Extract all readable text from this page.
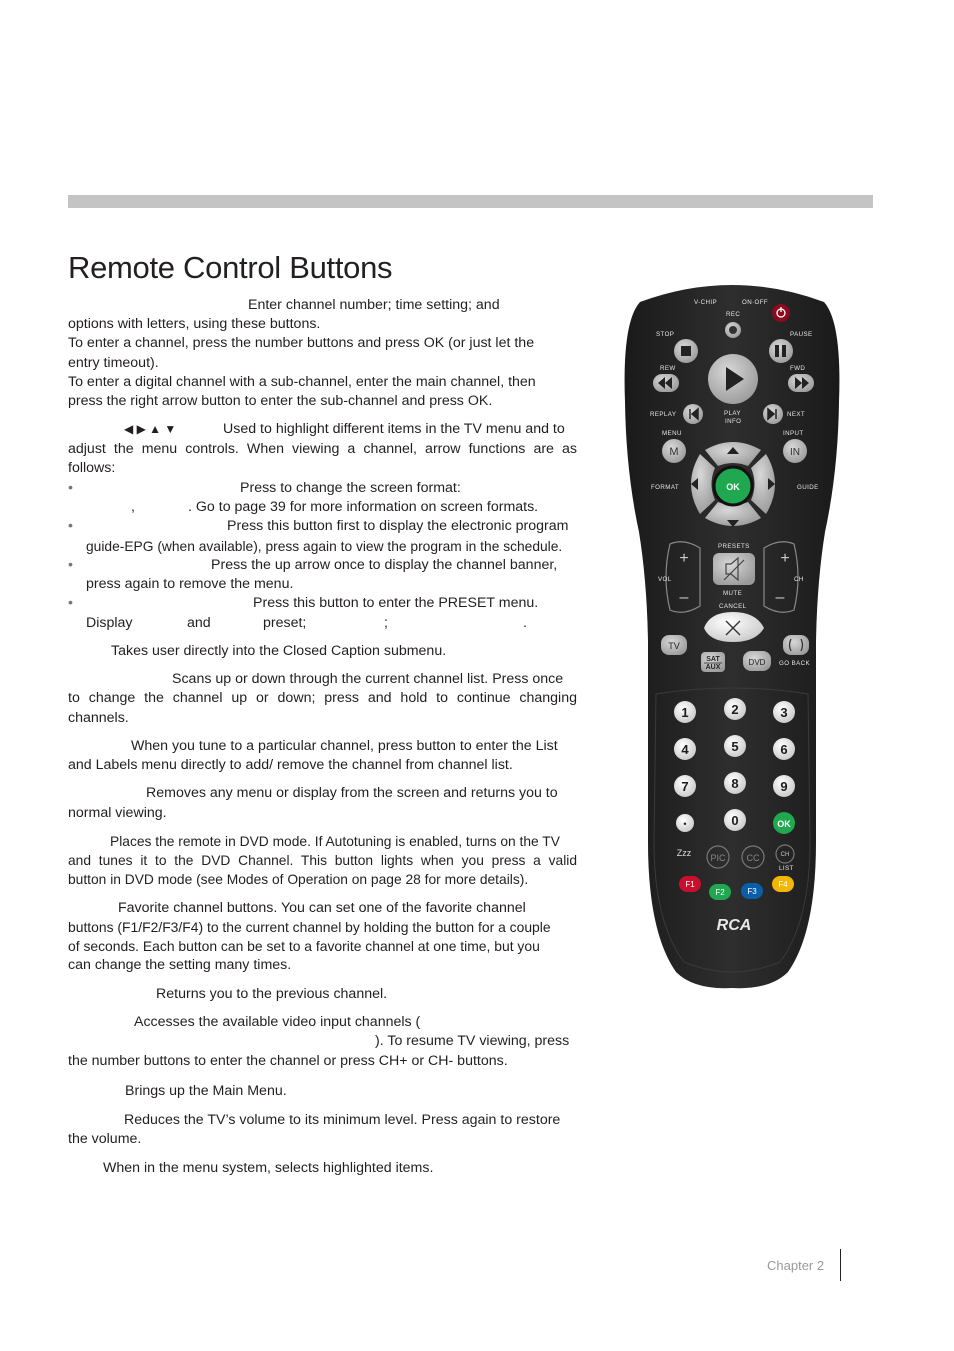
Remote Control Buttons
Enter channel number; time setting; and
options with letters, using these buttons.
To enter a channel, press the number buttons and press OK (or just let the
entry timeout).
To enter a digital channel with a sub-channel, enter the main channel, then
press the right arrow button to enter the sub-channel and press OK.
◀ ▶ ▲ ▼	Used to highlight different items in the TV menu and to
adjust the menu controls. When viewing a channel, arrow functions are as
follows:
•	Press to change the screen format:
,	. Go to page 39 for more information on screen formats.
•	Press this button first to display the electronic program
guide-EPG (when available), press again to view the program in the schedule.
•	Press the up arrow once to display the channel banner,
press again to remove the menu.
•	Press this button to enter the PRESET menu.
Display	and	preset;	;	.
Takes user directly into the Closed Caption submenu.
Scans up or down through the current channel list. Press once
to change the channel up or down; press and hold to continue changing
channels.
When you tune to a particular channel, press button to enter the List
and Labels menu directly to add/ remove the channel from channel list.
Removes any menu or display from the screen and returns you to
normal viewing.
Places the remote in DVD mode. If Autotuning is enabled, turns on the TV
and tunes it to the DVD Channel. This button lights when you press a valid
button in DVD mode (see Modes of Operation on page 28 for more details).
Favorite channel buttons. You can set one of the favorite channel
buttons (F1/F2/F3/F4) to the current channel by holding the button for a couple
of seconds. Each button can be set to a favorite channel at one time, but you
can change the setting many times.
Returns you to the previous channel.
Accesses the available video input channels (
). To resume TV viewing, press
the number buttons to enter the channel or press CH+ or CH- buttons.
Brings up the Main Menu.
Reduces the TV’s volume to its minimum level. Press again to restore
the volume.
When in the menu system, selects highlighted items.
V-CHIP	ON·OFF
REC
STOP	PAUSE
REW	FWD
PLAY
INFO
REPLAY	NEXT
MENU	INPUT
M	IN
OK
FORMAT	GUIDE
PRESETS
+
–
VOL
+
–
CH
MUTE
CANCEL
TV
SAT
AUX
DVD GO BACK
1	2	3
4	5	6
7	8	9
•	0	OK
Zzz PIC CC	CH
LIST
F1
F2	F3
F4
RCA
Chapter 2
